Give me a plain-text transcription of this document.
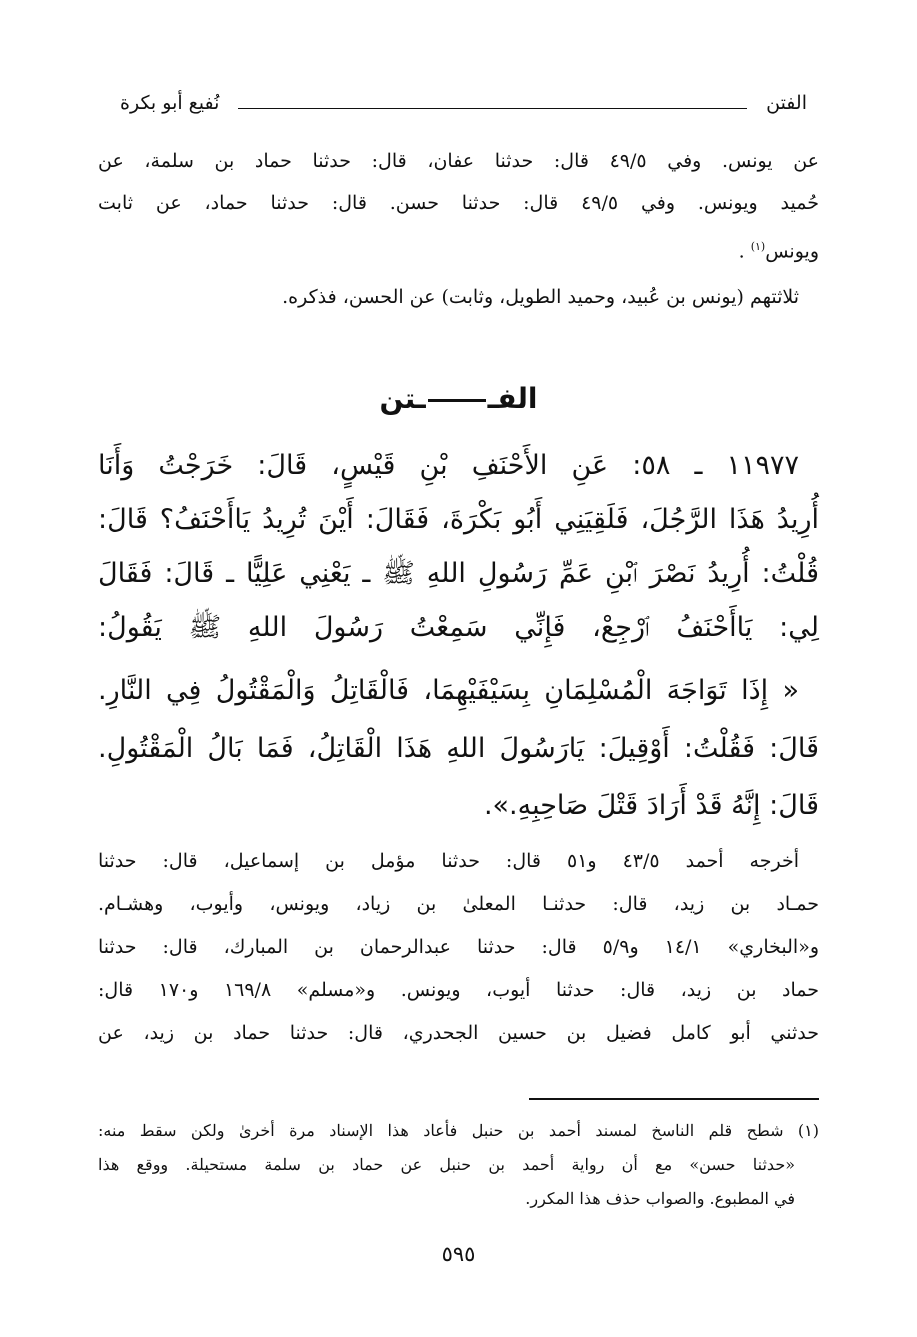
الفتن
نُفيع أبو بكرة
عن يونس. وفي ٤٩/٥ قال: حدثنا عفان، قال: حدثنا حماد بن سلمة، عن
حُميد ويونس. وفي ٤٩/٥ قال: حدثنا حسن. قال: حدثنا حماد، عن ثابت
ويونس$^{(١)}$ .
ثلاثتهم (يونس بن عُبيد، وحميد الطويل، وثابت) عن الحسن، فذكره.
الفــتن
١١٩٧٧ ـ ٥٨: عَنِ الأَحْنَفِ بْنِ قَيْسٍ، قَالَ: خَرَجْتُ وَأَنَا
أُرِيدُ هَذَا الرَّجُلَ، فَلَقِيَنِي أَبُو بَكْرَةَ، فَقَالَ: أَيْنَ تُرِيدُ يَاأَحْنَفُ؟ قَالَ:
قُلْتُ: أُرِيدُ نَصْرَ ٱبْنِ عَمِّ رَسُولِ اللهِ ﷺ ـ يَعْنِي عَلِيًّا ـ قَالَ: فَقَالَ
لِي: يَاأَحْنَفُ ٱرْجِعْ، فَإِنِّي سَمِعْتُ رَسُولَ اللهِ ﷺ يَقُولُ:
« إِذَا تَوَاجَهَ الْمُسْلِمَانِ بِسَيْفَيْهِمَا، فَالْقَاتِلُ وَالْمَقْتُولُ فِي النَّارِ.
قَالَ: فَقُلْتُ: أَوْقِيلَ: يَارَسُولَ اللهِ هَذَا الْقَاتِلُ، فَمَا بَالُ الْمَقْتُولِ.
قَالَ: إِنَّهُ قَدْ أَرَادَ قَتْلَ صَاحِبِهِ.».
أخرجه أحمد ٤٣/٥ و٥١ قال: حدثنا مؤمل بن إسماعيل، قال: حدثنا
حمـاد بن زيد، قال: حدثنـا المعلىٰ بن زياد، ويونس، وأيوب، وهشـام.
و«البخاري» ١٤/١ و٥/٩ قال: حدثنا عبدالرحمان بن المبارك، قال: حدثنا
حماد بن زيد، قال: حدثنا أيوب، ويونس. و«مسلم» ١٦٩/٨ و١٧٠ قال:
حدثني أبو كامل فضيل بن حسين الجحدري، قال: حدثنا حماد بن زيد، عن
(١) شطح قلم الناسخ لمسند أحمد بن حنبل فأعاد هذا الإسناد مرة أخرىٰ ولكن سقط منه:
«حدثنا حسن» مع أن رواية أحمد بن حنبل عن حماد بن سلمة مستحيلة. ووقع هذا
في المطبوع. والصواب حذف هذا المكرر.
٥٩٥
